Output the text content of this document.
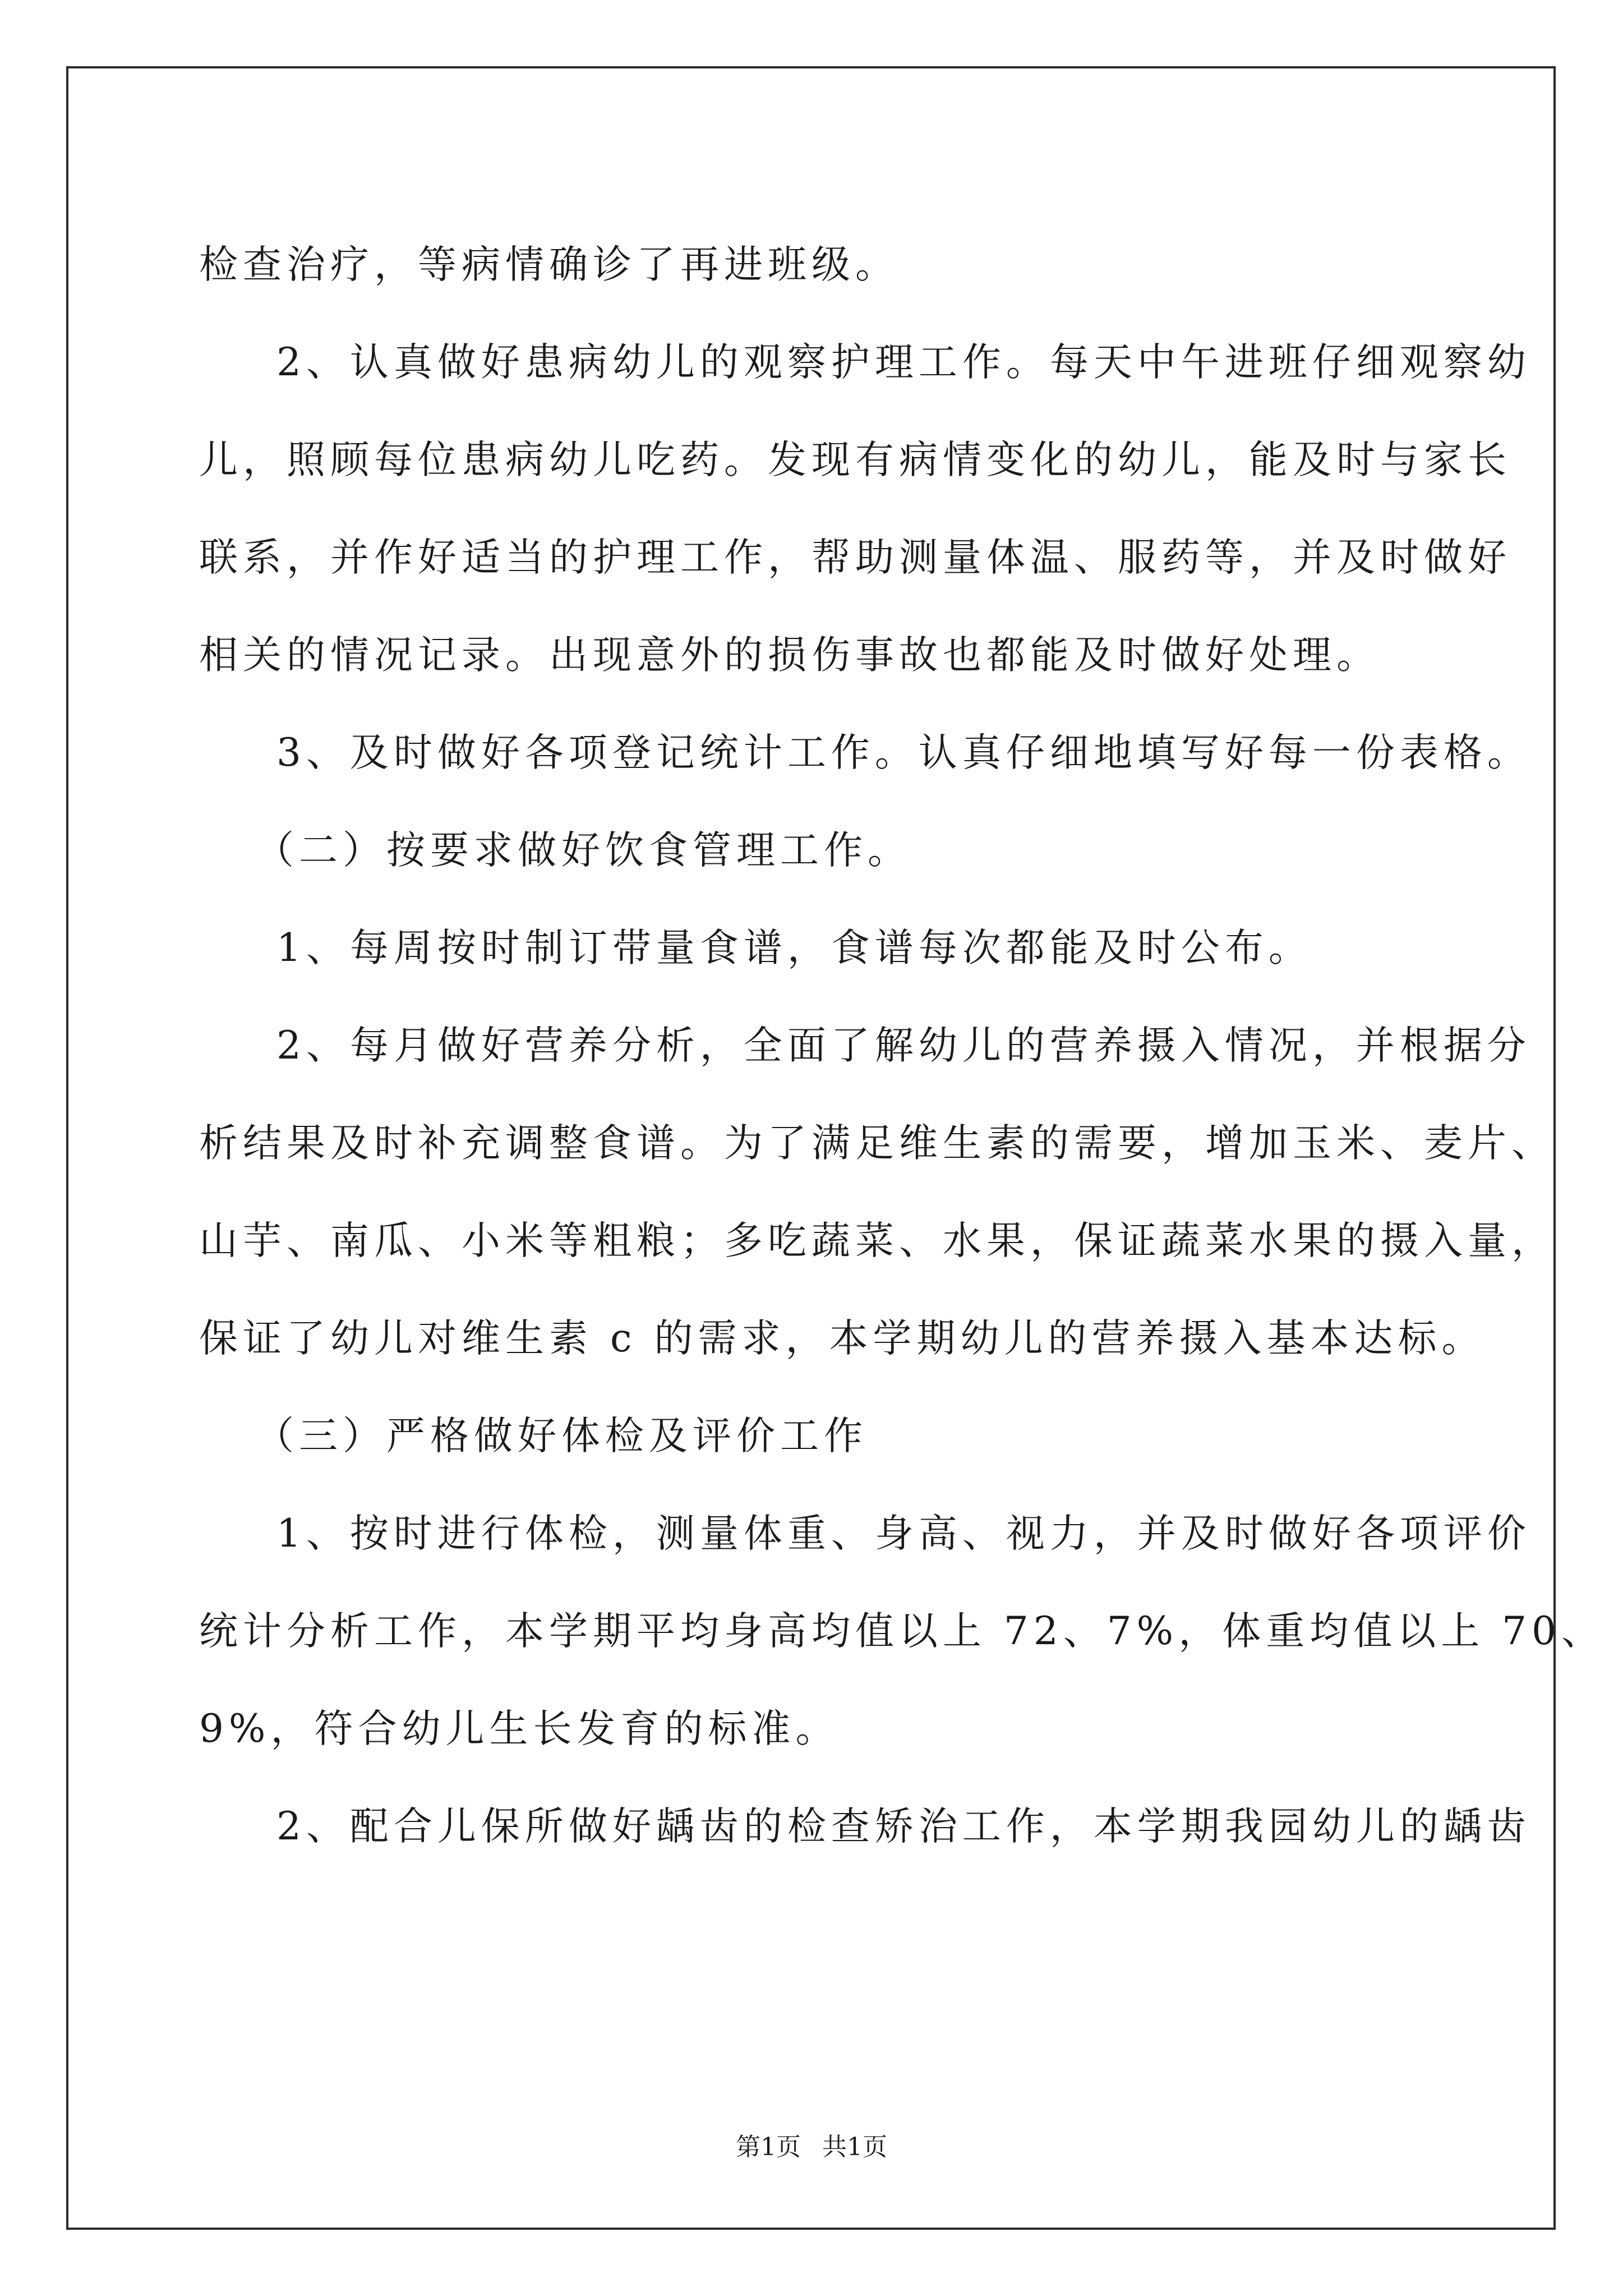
检查治疗，等病情确诊了再进班级。
2、认真做好患病幼儿的观察护理工作。每天中午进班仔细观察幼
儿，照顾每位患病幼儿吃药。发现有病情变化的幼儿，能及时与家长
联系，并作好适当的护理工作，帮助测量体温、服药等，并及时做好
相关的情况记录。出现意外的损伤事故也都能及时做好处理。
3、及时做好各项登记统计工作。认真仔细地填写好每一份表格。
（二）按要求做好饮食管理工作。
1、每周按时制订带量食谱，食谱每次都能及时公布。
2、每月做好营养分析，全面了解幼儿的营养摄入情况，并根据分
析结果及时补充调整食谱。为了满足维生素的需要，增加玉米、麦片、
山芋、南瓜、小米等粗粮；多吃蔬菜、水果，保证蔬菜水果的摄入量，
保证了幼儿对维生素 c 的需求，本学期幼儿的营养摄入基本达标。
（三）严格做好体检及评价工作
1、按时进行体检，测量体重、身高、视力，并及时做好各项评价
统计分析工作，本学期平均身高均值以上 72、7%，体重均值以上 70、
9%，符合幼儿生长发育的标准。
2、配合儿保所做好龋齿的检查矫治工作，本学期我园幼儿的龋齿
第1页 共1页
